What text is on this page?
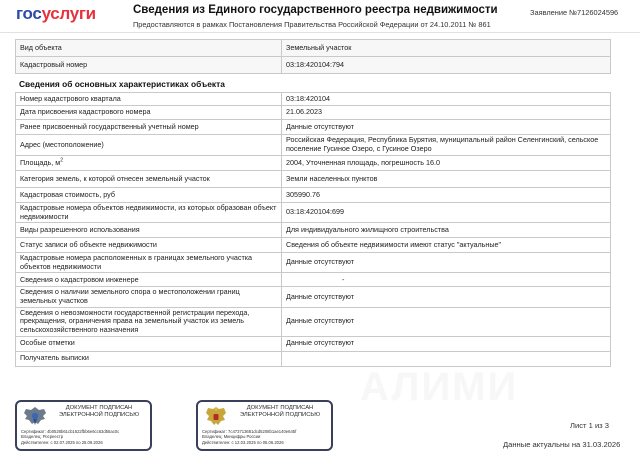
госуслуги	Сведения из Единого государственного реестра недвижимости
Предоставляются в рамках Постановления Правительства Российской Федерации от 24.10.2011 № 861
Заявление №7126024596
Вид объекта	Земельный участок
Кадастровый номер	03:18:420104:794
Сведения об основных характеристиках объекта
Номер кадастрового квартала	03:18:420104
Дата присвоения кадастрового номера	21.06.2023
Ранее присвоенный государственный учетный номер	Данные отсутствуют
Адрес (местоположение)	Российская Федерация, Республика Бурятия, муниципальный район Селенгинский, сельское поселение Гусиное Озеро, с Гусиное Озеро
Площадь, $м^2$	2004, Уточненная площадь, погрешность 16.0
Категория земель, к которой отнесен земельный участок	Земли населенных пунктов
Кадастровая стоимость, руб	305990.76
Кадастровые номера объектов недвижимости, из которых образован объект недвижимости	03:18:420104:699
Виды разрешенного использования	Для индивидуального жилищного строительства
Статус записи об объекте недвижимости	Сведения об объекте недвижимости имеют статус "актуальные"
Кадастровые номера расположенных в границах земельного участка объектов недвижимости	Данные отсутствуют
Сведения о кадастровом инженере	-
Сведения о наличии земельного спора о местоположении границ земельных участков	Данные отсутствуют
Сведения о невозможности государственной регистрации перехода, прекращения, ограничения права на земельный участок из земель сельскохозяйственного назначения	Данные отсутствуют
Особые отметки	Данные отсутствуют
Получатель выписки	
АЛИМИ
ДОКУМЕНТ ПОДПИСАН ЭЛЕКТРОННОЙ ПОДПИСЬЮ
Сертификат: 4b0528b61cb1622fbb6e6cc63d55ac0c
Владелец: Росреестр
Действителен: с 02.07.2025 по 25.09.2026
ДОКУМЕНТ ПОДПИСАН ЭЛЕКТРОННОЙ ПОДПИСЬЮ
Сертификат: 7c473713681dcd5208b1ae140e645f
Владелец: Минцифры России
Действителен: с 12.03.2025 по 05.06.2026
Лист 1 из 3
Данные актуальны на 31.03.2026
